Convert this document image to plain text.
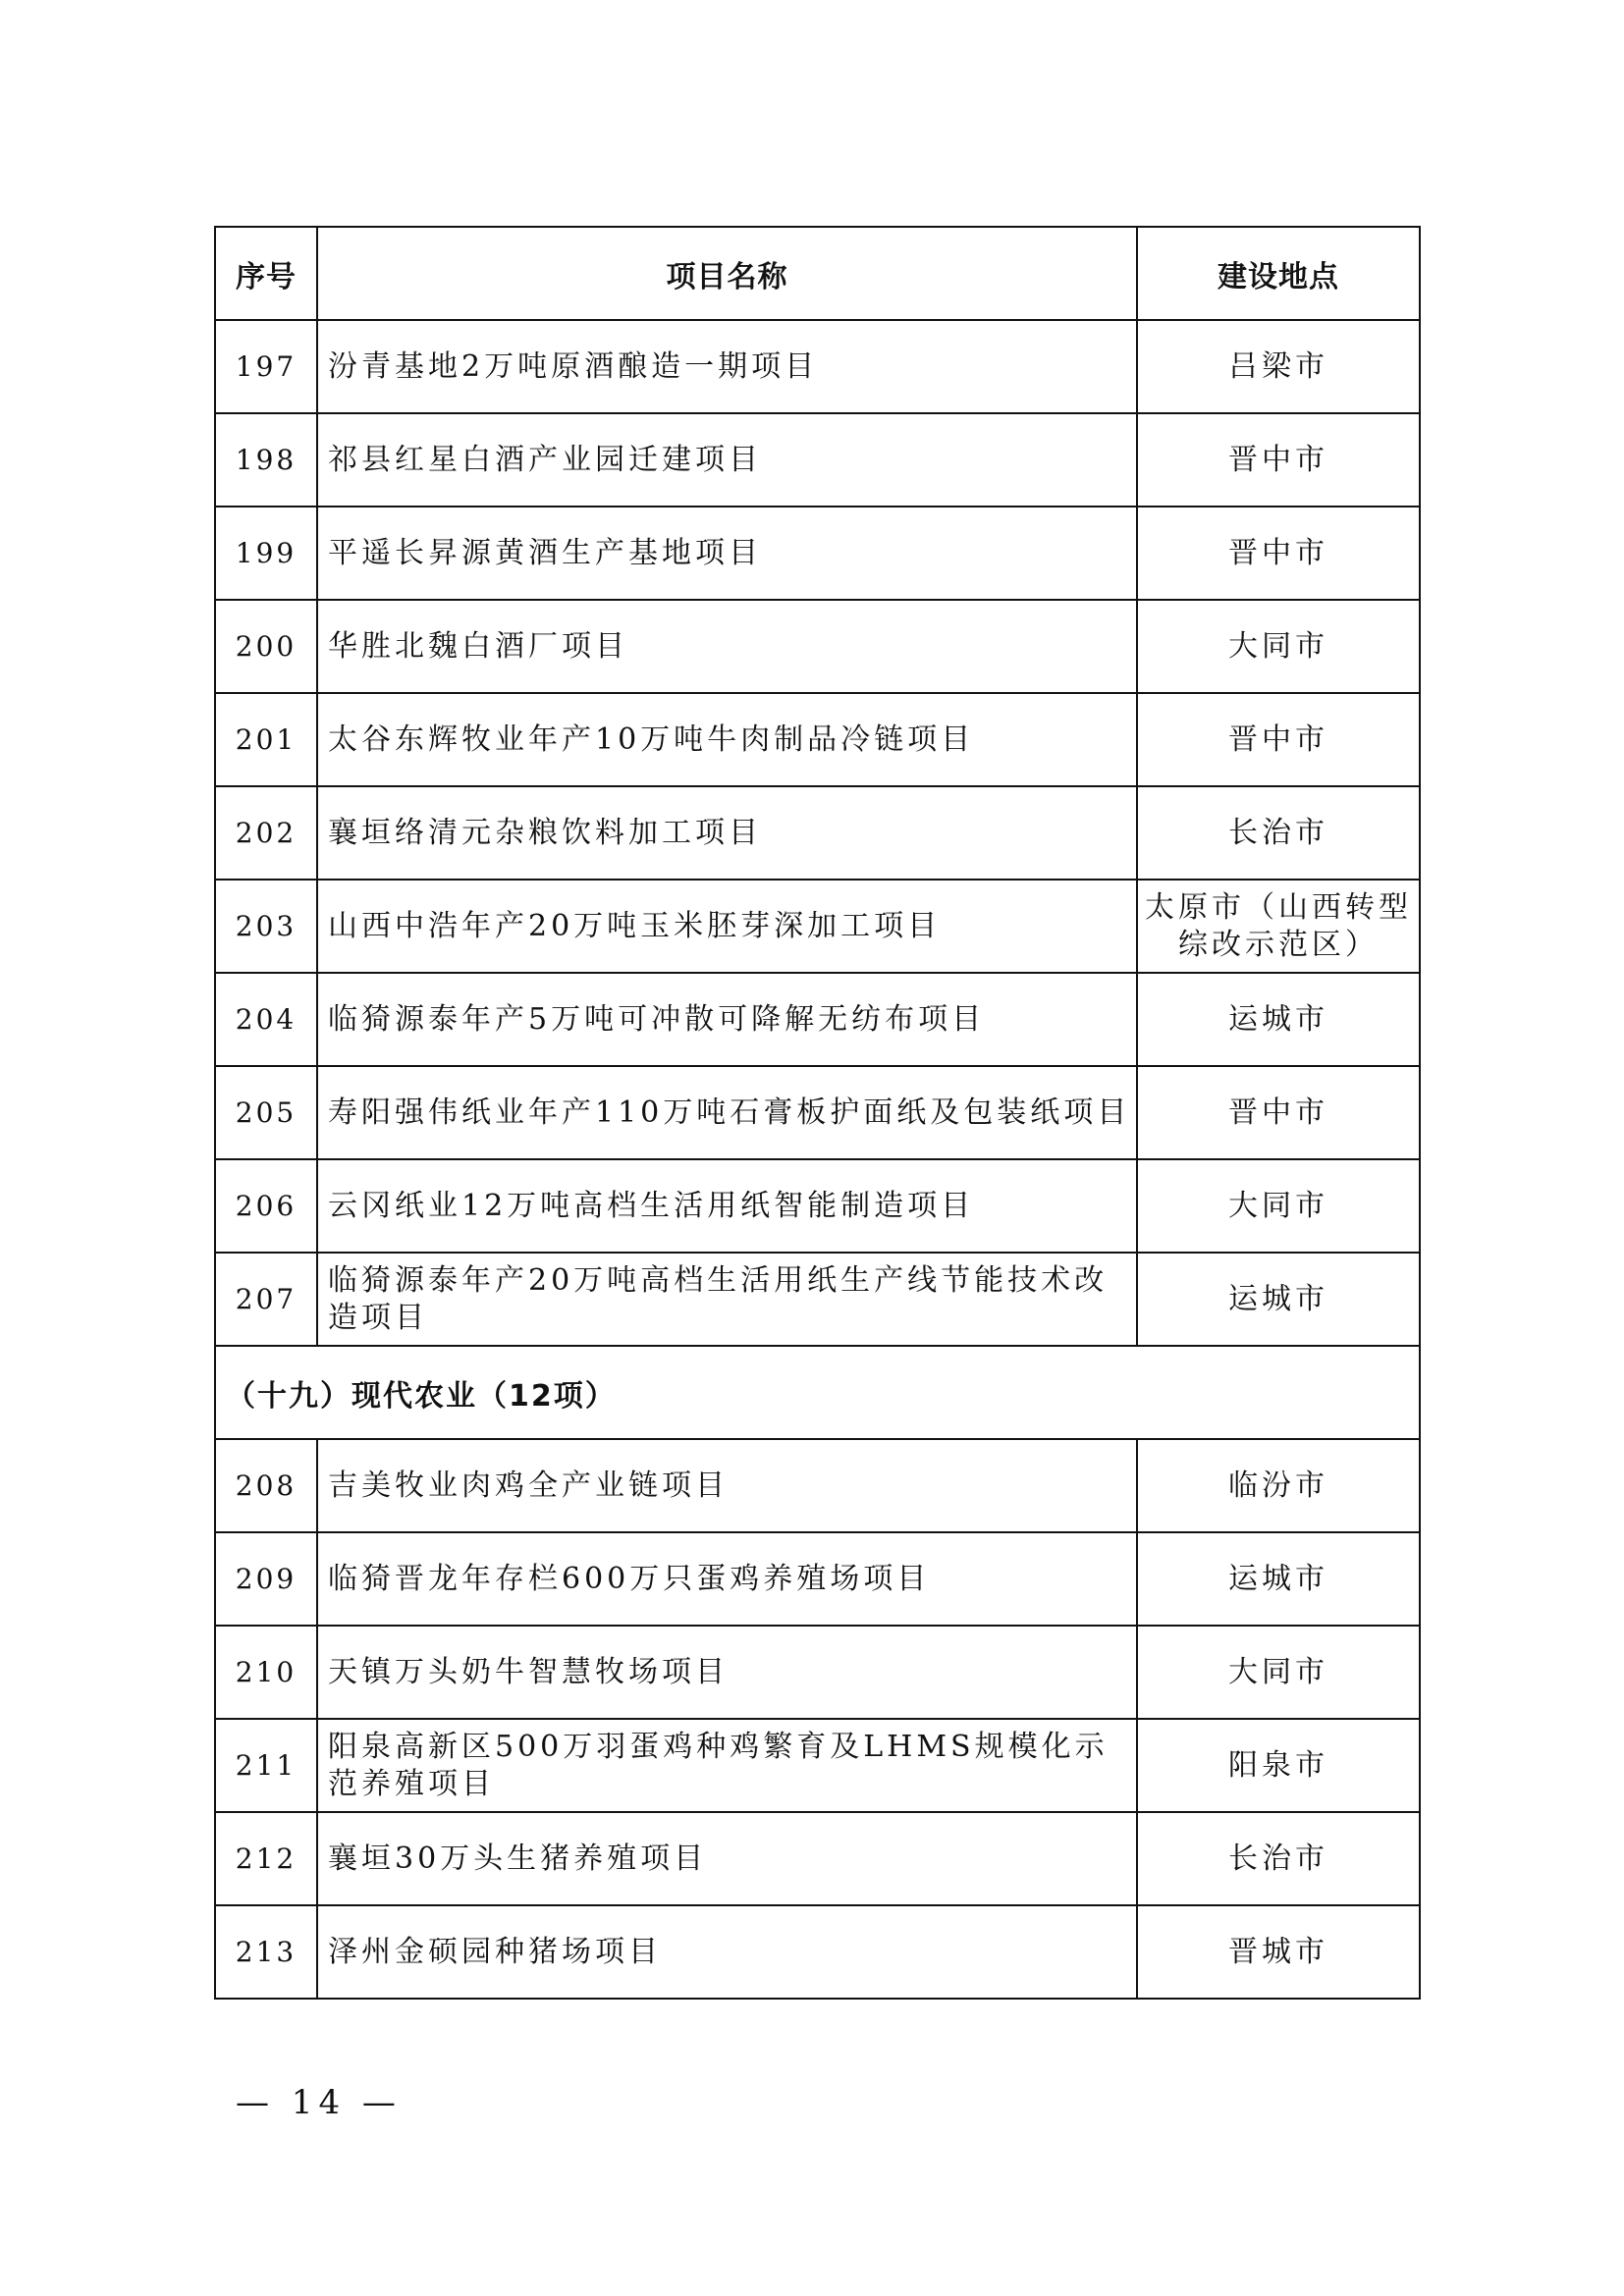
序号	项目名称	建设地点
197	汾青基地2万吨原酒酿造一期项目	吕梁市
198	祁县红星白酒产业园迁建项目	晋中市
199	平遥长昇源黄酒生产基地项目	晋中市
200	华胜北魏白酒厂项目	大同市
201	太谷东辉牧业年产10万吨牛肉制品冷链项目	晋中市
202	襄垣络清元杂粮饮料加工项目	长治市
203	山西中浩年产20万吨玉米胚芽深加工项目	太原市（山西转型综改示范区）
204	临猗源泰年产5万吨可冲散可降解无纺布项目	运城市
205	寿阳强伟纸业年产110万吨石膏板护面纸及包装纸项目	晋中市
206	云冈纸业12万吨高档生活用纸智能制造项目	大同市
207	临猗源泰年产20万吨高档生活用纸生产线节能技术改造项目	运城市
（十九）现代农业（12项）		
208	吉美牧业肉鸡全产业链项目	临汾市
209	临猗晋龙年存栏600万只蛋鸡养殖场项目	运城市
210	天镇万头奶牛智慧牧场项目	大同市
211	阳泉高新区500万羽蛋鸡种鸡繁育及LHMS规模化示范养殖项目	阳泉市
212	襄垣30万头生猪养殖项目	长治市
213	泽州金硕园种猪场项目	晋城市
— 14 —
